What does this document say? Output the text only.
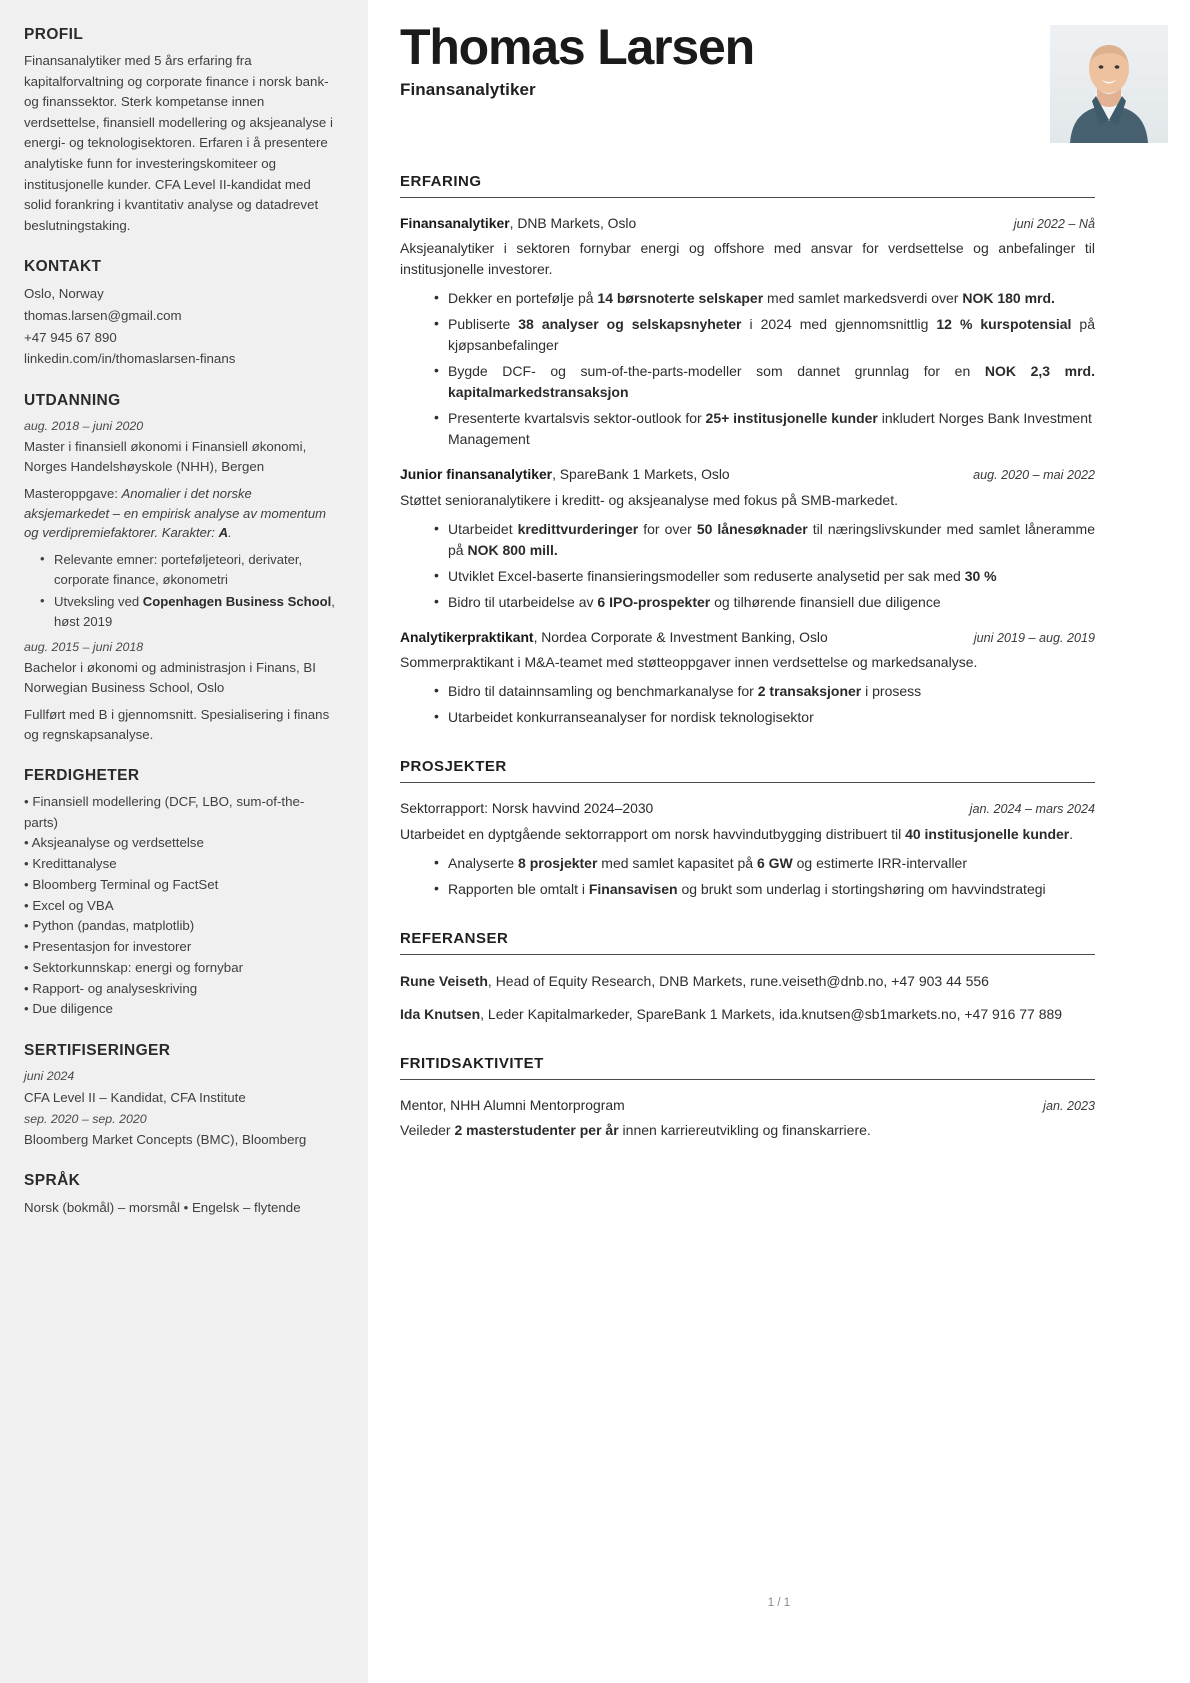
PROFIL
Finansanalytiker med 5 års erfaring fra kapitalforvaltning og corporate finance i norsk bank- og finanssektor. Sterk kompetanse innen verdsettelse, finansiell modellering og aksjeanalyse i energi- og teknologisektoren. Erfaren i å presentere analytiske funn for investeringskomiteer og institusjonelle kunder. CFA Level II-kandidat med solid forankring i kvantitativ analyse og datadrevet beslutningstaking.
KONTAKT
Oslo, Norway
thomas.larsen@gmail.com
+47 945 67 890
linkedin.com/in/thomaslarsen-finans
UTDANNING
aug. 2018 – juni 2020
Master i finansiell økonomi i Finansiell økonomi, Norges Handelshøyskole (NHH), Bergen
Masteroppgave: Anomalier i det norske aksjemarkedet – en empirisk analyse av momentum og verdipremiefaktorer. Karakter: A.
• Relevante emner: porteføljeteori, derivater, corporate finance, økonometri
• Utveksling ved Copenhagen Business School, høst 2019
aug. 2015 – juni 2018
Bachelor i økonomi og administrasjon i Finans, BI Norwegian Business School, Oslo
Fullført med B i gjennomsnitt. Spesialisering i finans og regnskapsanalyse.
FERDIGHETER
• Finansiell modellering (DCF, LBO, sum-of-the-parts)
• Aksjeanalyse og verdsettelse
• Kredittanalyse
• Bloomberg Terminal og FactSet
• Excel og VBA
• Python (pandas, matplotlib)
• Presentasjon for investorer
• Sektorkunnskap: energi og fornybar
• Rapport- og analyseskriving
• Due diligence
SERTIFISERINGER
juni 2024
CFA Level II – Kandidat, CFA Institute
sep. 2020 – sep. 2020
Bloomberg Market Concepts (BMC), Bloomberg
SPRÅK
Norsk (bokmål) – morsmål • Engelsk – flytende
Thomas Larsen
Finansanalytiker
ERFARING
Finansanalytiker, DNB Markets, Oslo	juni 2022 – Nå
Aksjeanalytiker i sektoren fornybar energi og offshore med ansvar for verdsettelse og anbefalinger til institusjonelle investorer.
• Dekker en portefølje på 14 børsnoterte selskaper med samlet markedsverdi over NOK 180 mrd.
• Publiserte 38 analyser og selskapsnyheter i 2024 med gjennomsnittlig 12 % kurspotensial på kjøpsanbefalinger
• Bygde DCF- og sum-of-the-parts-modeller som dannet grunnlag for en NOK 2,3 mrd. kapitalmarkedstransaksjon
• Presenterte kvartalsvis sektor-outlook for 25+ institusjonelle kunder inkludert Norges Bank Investment Management
Junior finansanalytiker, SpareBank 1 Markets, Oslo	aug. 2020 – mai 2022
Støttet senioranalytikere i kreditt- og aksjeanalyse med fokus på SMB-markedet.
• Utarbeidet kredittvurderinger for over 50 lånesøknader til næringslivskunder med samlet låneramme på NOK 800 mill.
• Utviklet Excel-baserte finansieringsmodeller som reduserte analysetid per sak med 30 %
• Bidro til utarbeidelse av 6 IPO-prospekter og tilhørende finansiell due diligence
Analytikerpraktikant, Nordea Corporate & Investment Banking, Oslo	juni 2019 – aug. 2019
Sommerpraktikant i M&A-teamet med støtteoppgaver innen verdsettelse og markedsanalyse.
• Bidro til datainnsamling og benchmarkanalyse for 2 transaksjoner i prosess
• Utarbeidet konkurranseanalyser for nordisk teknologisektor
PROSJEKTER
Sektorrapport: Norsk havvind 2024–2030	jan. 2024 – mars 2024
Utarbeidet en dyptgående sektorrapport om norsk havvindutbygging distribuert til 40 institusjonelle kunder.
• Analyserte 8 prosjekter med samlet kapasitet på 6 GW og estimerte IRR-intervaller
• Rapporten ble omtalt i Finansavisen og brukt som underlag i stortingshøring om havvindstrategi
REFERANSER
Rune Veiseth, Head of Equity Research, DNB Markets, rune.veiseth@dnb.no, +47 903 44 556
Ida Knutsen, Leder Kapitalmarkeder, SpareBank 1 Markets, ida.knutsen@sb1markets.no, +47 916 77 889
FRITIDSAKTIVITET
Mentor, NHH Alumni Mentorprogram	jan. 2023
Veileder 2 masterstudenter per år innen karriereutvikling og finanskarriere.
1 / 1
